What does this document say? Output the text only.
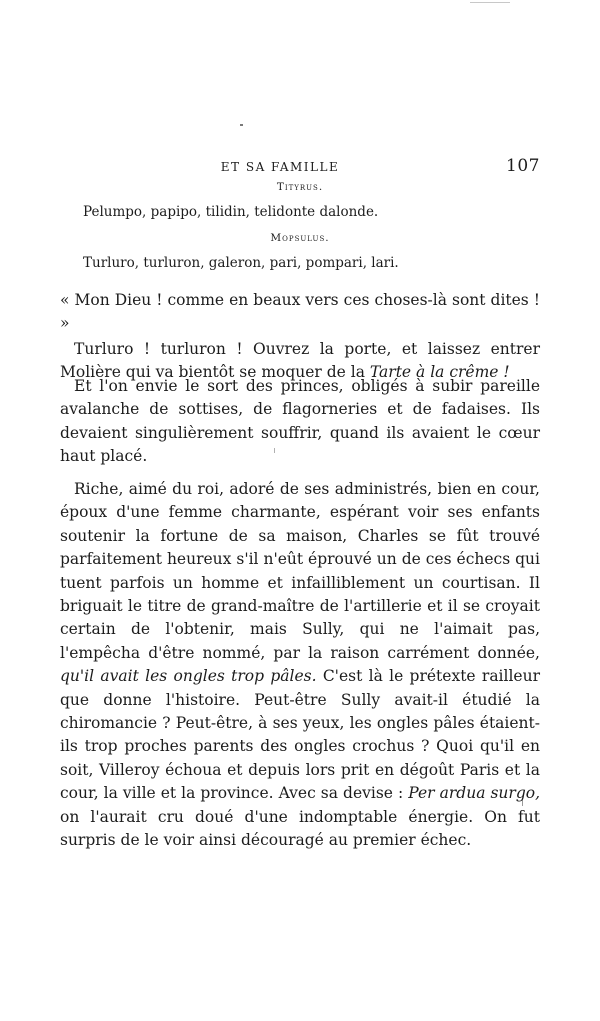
ET SA FAMILLE	107
Tityrus.
Pelumpo, papipo, tilidin, telidonte dalonde.
Mopsulus.
Turluro, turluron, galeron, pari, pompari, lari.

« Mon Dieu ! comme en beaux vers ces choses-là sont dites ! »

Turluro ! turluron ! Ouvrez la porte, et laissez entrer Molière qui va bientôt se moquer de la Tarte à la crême !

Et l'on envie le sort des princes, obligés à subir pareille avalanche de sottises, de flagorneries et de fadaises. Ils devaient singulièrement souffrir, quand ils avaient le cœur haut placé.

Riche, aimé du roi, adoré de ses administrés, bien en cour, époux d'une femme charmante, espérant voir ses enfants soutenir la fortune de sa maison, Charles se fût trouvé parfaitement heureux s'il n'eût éprouvé un de ces échecs qui tuent parfois un homme et infailliblement un courtisan. Il briguait le titre de grand-maître de l'artillerie et il se croyait certain de l'obtenir, mais Sully, qui ne l'aimait pas, l'empêcha d'être nommé, par la raison carrément donnée, qu'il avait les ongles trop pâles. C'est là le prétexte railleur que donne l'histoire. Peut-être Sully avait-il étudié la chiromancie ? Peut-être, à ses yeux, les ongles pâles étaient-ils trop proches parents des ongles crochus ? Quoi qu'il en soit, Villeroy échoua et depuis lors prit en dégoût Paris et la cour, la ville et la province. Avec sa devise : Per ardua surgo, on l'aurait cru doué d'une indomptable énergie. On fut surpris de le voir ainsi découragé au premier échec.
